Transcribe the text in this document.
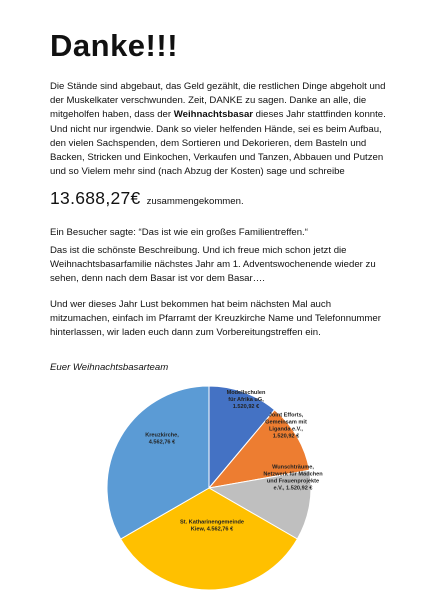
Danke!!!

Die Stände sind abgebaut, das Geld gezählt, die restlichen Dinge abgeholt und der Muskelkater verschwunden. Zeit, DANKE zu sagen. Danke an alle, die mitgeholfen haben, dass der Weihnachtsbasar dieses Jahr stattfinden konnte. Und nicht nur irgendwie. Dank so vieler helfenden Hände, sei es beim Aufbau, den vielen Sachspenden, dem Sortieren und Dekorieren, dem Basteln und Backen, Stricken und Einkochen, Verkaufen und Tanzen, Abbauen und Putzen und so Vielem mehr sind (nach Abzug der Kosten) sage und schreibe

13.688,27€ zusammengekommen.

Ein Besucher sagte: “Das ist wie ein großes Familientreffen.“

Das ist die schönste Beschreibung. Und ich freue mich schon jetzt die Weihnachtsbasarfamilie nächstes Jahr am 1. Adventswochenende wieder zu sehen, denn nach dem Basar ist vor dem Basar….

Und wer dieses Jahr Lust bekommen hat beim nächsten Mal auch mitzumachen, einfach im Pfarramt der Kreuzkirche Name und Telefonnummer hinterlassen, wir laden euch dann zum Vorbereitungstreffen ein.

Euer Weihnachtsbasarteam

Modellschulen für Afrika uG, 1.520,92 €
Joint Efforts, Gemeinsam mit Liganda e.V., 1.520,92 €
Wunschträume, Netzwerk für Mädchen und Frauenprojekte e.V., 1.520,92 €
St. Katharinengemeinde Kiew, 4.562,76 €
Kreuzkirche, 4.562,76 €
